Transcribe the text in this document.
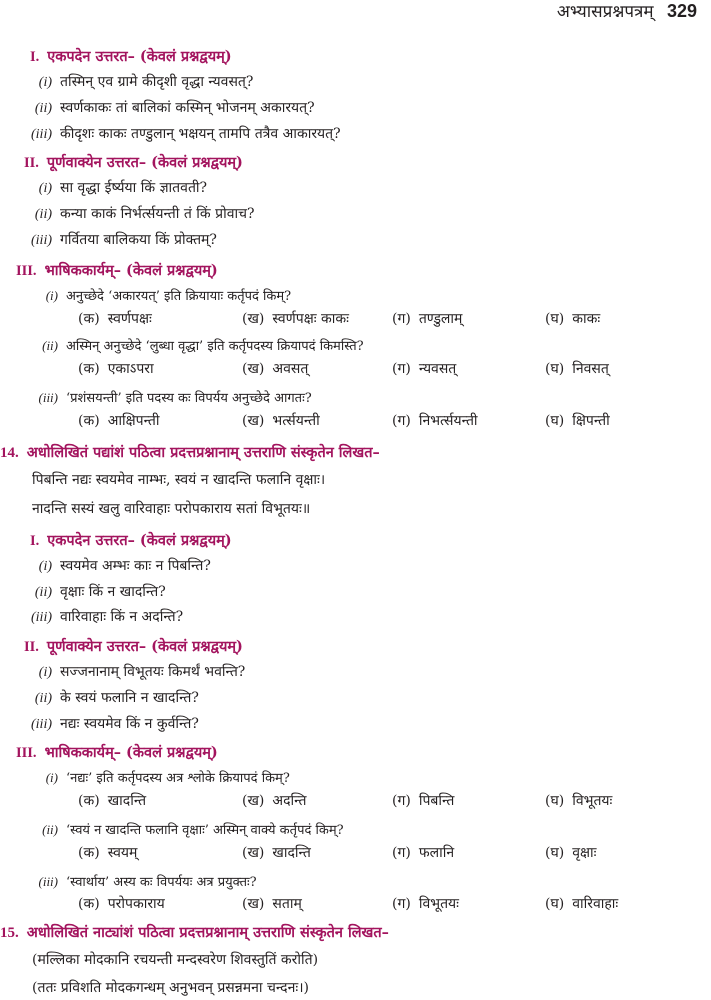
अभ्यासप्रश्नपत्रम् 329
I. एकपदेन उत्तरत– (केवलं प्रश्नद्वयम्)
(i) तस्मिन् एव ग्रामे कीदृशी वृद्धा न्यवसत्?
(ii) स्वर्णकाकः तां बालिकां कस्मिन् भोजनम् अकारयत्?
(iii) कीदृशः काकः तण्डुलान् भक्षयन् तामपि तत्रैव आकारयत्?
II. पूर्णवाक्येन उत्तरत– (केवलं प्रश्नद्वयम्)
(i) सा वृद्धा ईर्ष्यया किं ज्ञातवती?
(ii) कन्या काकं निर्भर्त्सयन्ती तं किं प्रोवाच?
(iii) गर्वितया बालिकया किं प्रोक्तम्?
III. भाषिककार्यम्– (केवलं प्रश्नद्वयम्)
(i) अनुच्छेदे ‘अकारयत्’ इति क्रियायाः कर्तृपदं किम्?
(क) स्वर्णपक्षः	(ख) स्वर्णपक्षः काकः	(ग) तण्डुलाम्	(घ) काकः
(ii) अस्मिन् अनुच्छेदे ‘लुब्धा वृद्धा’ इति कर्तृपदस्य क्रियापदं किमस्ति?
(क) एकाऽपरा	(ख) अवसत्	(ग) न्यवसत्	(घ) निवसत्
(iii) ‘प्रशंसयन्ती’ इति पदस्य कः विपर्यय अनुच्छेदे आगतः?
(क) आक्षिपन्ती	(ख) भर्त्सयन्ती	(ग) निभर्त्सयन्ती	(घ) क्षिपन्ती
14. अधोलिखितं पद्यांशं पठित्वा प्रदत्तप्रश्नानाम् उत्तराणि संस्कृतेन लिखत–
पिबन्ति नद्यः स्वयमेव नाम्भः, स्वयं न खादन्ति फलानि वृक्षाः।
नादन्ति सस्यं खलु वारिवाहाः परोपकाराय सतां विभूतयः॥
I. एकपदेन उत्तरत– (केवलं प्रश्नद्वयम्)
(i) स्वयमेव अम्भः काः न पिबन्ति?
(ii) वृक्षाः किं न खादन्ति?
(iii) वारिवाहाः किं न अदन्ति?
II. पूर्णवाक्येन उत्तरत– (केवलं प्रश्नद्वयम्)
(i) सज्जनानाम् विभूतयः किमर्थं भवन्ति?
(ii) के स्वयं फलानि न खादन्ति?
(iii) नद्यः स्वयमेव किं न कुर्वन्ति?
III. भाषिककार्यम्– (केवलं प्रश्नद्वयम्)
(i) ‘नद्यः’ इति कर्तृपदस्य अत्र श्लोके क्रियापदं किम्?
(क) खादन्ति	(ख) अदन्ति	(ग) पिबन्ति	(घ) विभूतयः
(ii) ‘स्वयं न खादन्ति फलानि वृक्षाः’ अस्मिन् वाक्ये कर्तृपदं किम्?
(क) स्वयम्	(ख) खादन्ति	(ग) फलानि	(घ) वृक्षाः
(iii) ‘स्वार्थाय’ अस्य कः विपर्ययः अत्र प्रयुक्तः?
(क) परोपकाराय	(ख) सताम्	(ग) विभूतयः	(घ) वारिवाहाः
15. अधोलिखितं नाट्यांशं पठित्वा प्रदत्तप्रश्नानाम् उत्तराणि संस्कृतेन लिखत–
(मल्लिका मोदकानि रचयन्ती मन्दस्वरेण शिवस्तुतिं करोति)
(ततः प्रविशति मोदकगन्धम् अनुभवन् प्रसन्नमना चन्दनः।)
